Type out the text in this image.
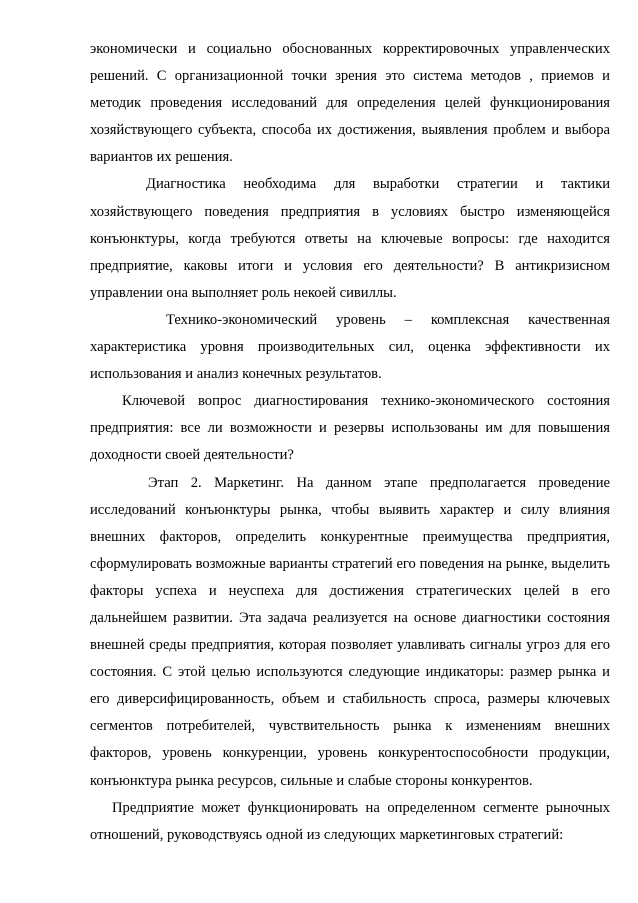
экономически и социально обоснованных корректировочных управленческих решений. С организационной точки зрения это система методов , приемов и методик проведения исследований для определения целей функционирования хозяйствующего субъекта, способа их достижения, выявления проблем и выбора вариантов их решения.

Диагностика необходима для выработки стратегии и тактики хозяйствующего поведения предприятия в условиях быстро изменяющейся конъюнктуры, когда требуются ответы на ключевые вопросы: где находится предприятие, каковы итоги и условия его деятельности? В антикризисном управлении она выполняет роль некоей сивиллы.

Технико-экономический уровень – комплексная качественная характеристика уровня производительных сил, оценка эффективности их использования и анализ конечных результатов.

Ключевой вопрос диагностирования технико-экономического состояния предприятия: все ли возможности и резервы использованы им для повышения доходности своей деятельности?

Этап 2. Маркетинг. На данном этапе предполагается проведение исследований конъюнктуры рынка, чтобы выявить характер и силу влияния внешних факторов, определить конкурентные преимущества предприятия, сформулировать возможные варианты стратегий его поведения на рынке, выделить факторы успеха и неуспеха для достижения стратегических целей в его дальнейшем развитии. Эта задача реализуется на основе диагностики состояния внешней среды предприятия, которая позволяет улавливать сигналы угроз для его состояния. С этой целью используются следующие индикаторы: размер рынка и его диверсифицированность, объем и стабильность спроса, размеры ключевых сегментов потребителей, чувствительность рынка к изменениям внешних факторов, уровень конкуренции, уровень конкурентоспособности продукции, конъюнктура рынка ресурсов, сильные и слабые стороны конкурентов.

Предприятие может функционировать на определенном сегменте рыночных отношений, руководствуясь одной из следующих маркетинговых стратегий:
